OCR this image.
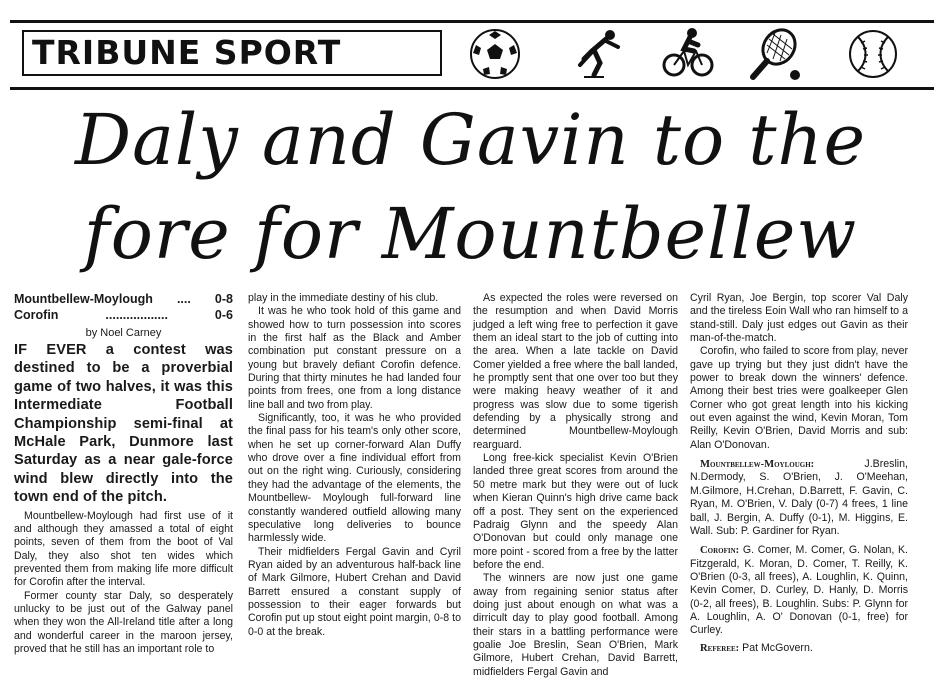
TRIBUNE SPORT
Daly and Gavin to the
fore for Mountbellew
Mountbellew-Moylough	....	0-8
Corofin	..................	0-6
by Noel Carney

IF EVER a contest was destined to be a proverbial game of two halves, it was this Intermediate Football Championship semi-final at McHale Park, Dunmore last Saturday as a near gale-force wind blew directly into the town end of the pitch.

Mountbellew-Moylough had first use of it and although they amassed a total of eight points, seven of them from the boot of Val Daly, they also shot ten wides which prevented them from making life more difficult for Corofin after the interval.

Former county star Daly, so desperately unlucky to be just out of the Galway panel when they won the All-Ireland title after a long and wonderful career in the maroon jersey, proved that he still has an important role to

play in the immediate destiny of his club.

It was he who took hold of this game and showed how to turn possession into scores in the first half as the Black and Amber combination put constant pressure on a young but bravely defiant Corofin defence. During that thirty minutes he had landed four points from frees, one from a long distance line ball and two from play.

Significantly, too, it was he who provided the final pass for his team's only other score, when he set up corner-forward Alan Duffy who drove over a fine individual effort from out on the right wing. Curiously, considering they had the advantage of the elements, the Mountbellew- Moylough full-forward line constantly wandered outfield allowing many speculative long deliveries to bounce harmlessly wide.

Their midfielders Fergal Gavin and Cyril Ryan aided by an adventurous half-back line of Mark Gilmore, Hubert Crehan and David Barrett ensured a constant supply of possession to their eager forwards but Corofin put up stout eight point margin, 0-8 to 0-0 at the break.

As expected the roles were reversed on the resumption and when David Morris judged a left wing free to perfection it gave them an ideal start to the job of cutting into the area. When a late tackle on David Comer yielded a free where the ball landed, he promptly sent that one over too but they were making heavy weather of it and progress was slow due to some tigerish defending by a physically strong and determined Mountbellew-Moylough rearguard.

Long free-kick specialist Kevin O'Brien landed three great scores from around the 50 metre mark but they were out of luck when Kieran Quinn's high drive came back off a post. They sent on the experienced Padraig Glynn and the speedy Alan O'Donovan but could only manage one more point - scored from a free by the latter before the end.

The winners are now just one game away from regaining senior status after doing just about enough on what was a dirricult day to play good football. Among their stars in a battling performance were goalie Joe Breslin, Sean O'Brien, Mark Gilmore, Hubert Crehan, David Barrett, midfielders Fergal Gavin and

Cyril Ryan, Joe Bergin, top scorer Val Daly and the tireless Eoin Wall who ran himself to a stand-still. Daly just edges out Gavin as their man-of-the-match.

Corofin, who failed to score from play, never gave up trying but they just didn't have the power to break down the winners' defence. Among their best tries were goalkeeper Glen Corner who got great length into his kicking out even against the wind, Kevin Moran, Tom Reilly, Kevin O'Brien, David Morris and sub: Alan O'Donovan.

Mountbellew-Moylough: J.Breslin, N.Dermody, S. O'Brien, J. O'Meehan, M.Gilmore, H.Crehan, D.Barrett, F. Gavin, C. Ryan, M. O'Brien, V. Daly (0-7) 4 frees, 1 line ball, J. Bergin, A. Duffy (0-1), M. Higgins, E. Wall. Sub: P. Gardiner for Ryan.

Corofin: G. Comer, M. Comer, G. Nolan, K. Fitzgerald, K. Moran, D. Comer, T. Reilly, K. O'Brien (0-3, all frees), A. Loughlin, K. Quinn, Kevin Comer, D. Curley, D. Hanly, D. Morris (0-2, all frees), B. Loughlin. Subs: P. Glynn for A. Loughlin, A. O' Donovan (0-1, free) for Curley.

Referee: Pat McGovern.
